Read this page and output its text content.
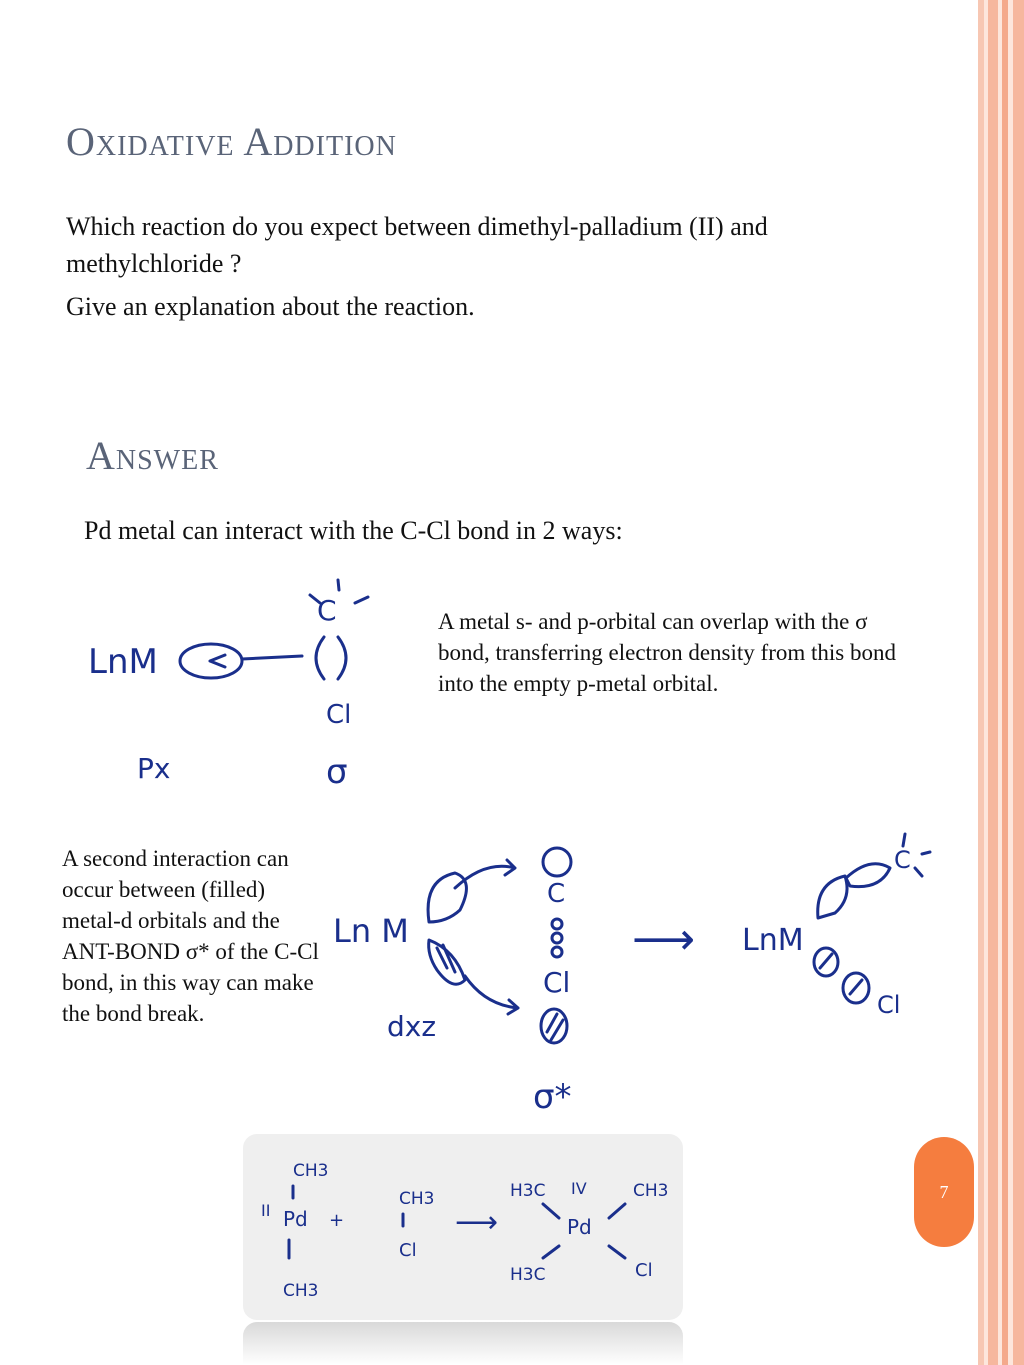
Oxidative Addition

Which reaction do you expect between dimethyl-palladium (II) and methylchloride ?

Give an explanation about the reaction.

Answer
Pd metal can interact with the C-Cl bond in 2 ways:
LnM
C
Cl
Px	σ
A metal s- and p-orbital can overlap with the σ bond, transferring electron density from this bond into the empty p-metal orbital.
A second interaction can occur between (filled) metal-d orbitals and the ANT-BOND σ* of the C-Cl bond, in this way can make the bond break.
Ln M
C
Cl
dxz
σ*
⟶ LnM
C
Cl
CH3
II Pd +
CH3
CH3
Cl
⟶
H3C IV	CH3
Pd
H3C	Cl
7
